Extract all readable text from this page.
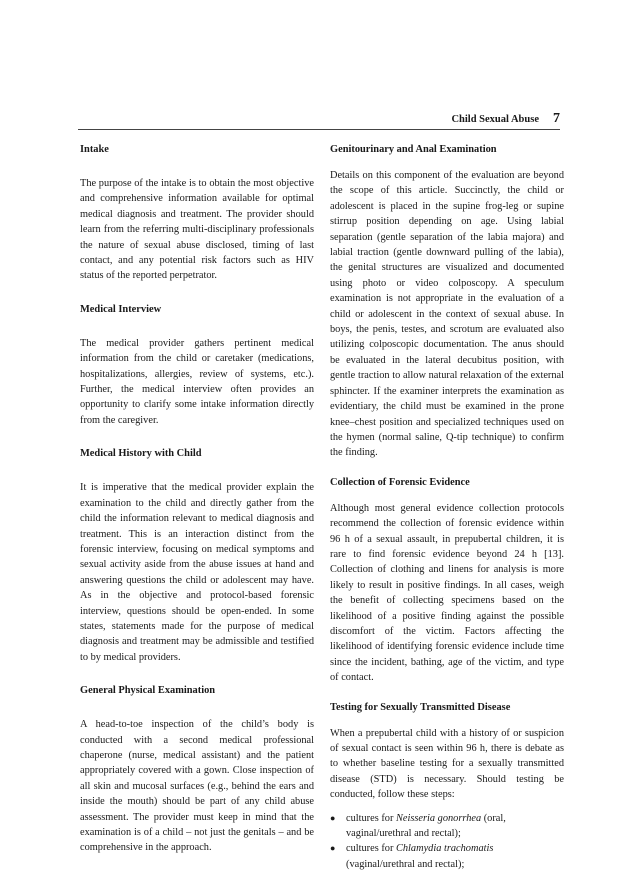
Child Sexual Abuse 7
Intake

The purpose of the intake is to obtain the most objective and comprehensive information available for optimal medical diagnosis and treatment. The provider should learn from the referring multi-disciplinary professionals the nature of sexual abuse disclosed, timing of last contact, and any potential risk factors such as HIV status of the reported perpetrator.

Medical Interview

The medical provider gathers pertinent medical information from the child or caretaker (medications, hospitalizations, allergies, review of systems, etc.). Further, the medical interview often provides an opportunity to clarify some intake information directly from the caregiver.

Medical History with Child

It is imperative that the medical provider explain the examination to the child and directly gather from the child the information relevant to medical diagnosis and treatment. This is an interaction distinct from the forensic interview, focusing on medical symptoms and sexual activity aside from the abuse issues at hand and answering questions the child or adolescent may have. As in the objective and protocol-based forensic interview, questions should be open-ended. In some states, statements made for the purpose of medical diagnosis and treatment may be admissible and testified to by medical providers.

General Physical Examination

A head-to-toe inspection of the child’s body is conducted with a second medical professional chaperone (nurse, medical assistant) and the patient appropriately covered with a gown. Close inspection of all skin and mucosal surfaces (e.g., behind the ears and inside the mouth) should be part of any child abuse assessment. The provider must keep in mind that the examination is of a child – not just the genitals – and be comprehensive in the approach.

Genitourinary and Anal Examination

Details on this component of the evaluation are beyond the scope of this article. Succinctly, the child or adolescent is placed in the supine frog-leg or supine stirrup position depending on age. Using labial separation (gentle separation of the labia majora) and labial traction (gentle downward pulling of the labia), the genital structures are visualized and documented using photo or video colposcopy. A speculum examination is not appropriate in the evaluation of a child or adolescent in the context of sexual abuse. In boys, the penis, testes, and scrotum are evaluated also utilizing colposcopic documentation. The anus should be evaluated in the lateral decubitus position, with gentle traction to allow natural relaxation of the external sphincter. If the examiner interprets the examination as evidentiary, the child must be examined in the prone knee–chest position and specialized techniques used on the hymen (normal saline, Q-tip technique) to confirm the finding.

Collection of Forensic Evidence

Although most general evidence collection protocols recommend the collection of forensic evidence within 96 h of a sexual assault, in prepubertal children, it is rare to find forensic evidence beyond 24 h [13]. Collection of clothing and linens for analysis is more likely to result in positive findings. In all cases, weigh the benefit of collecting specimens based on the likelihood of a positive finding against the possible discomfort of the victim. Factors affecting the likelihood of identifying forensic evidence include time since the incident, bathing, age of the victim, and type of contact.

Testing for Sexually Transmitted Disease

When a prepubertal child with a history of or suspicion of sexual contact is seen within 96 h, there is debate as to whether baseline testing for a sexually transmitted disease (STD) is necessary. Should testing be conducted, follow these steps:

● cultures for Neisseria gonorrhea (oral, vaginal/urethral and rectal);
● cultures for Chlamydia trachomatis (vaginal/urethral and rectal);
